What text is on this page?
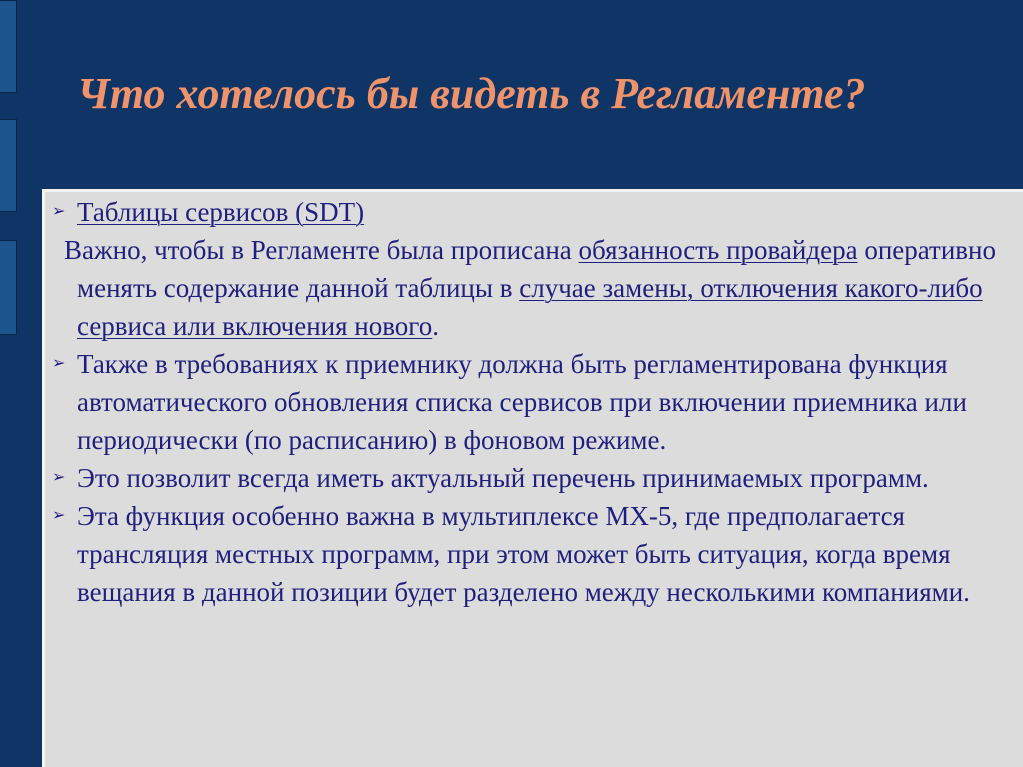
Что хотелось бы видеть в Регламенте?
➢ Таблицы сервисов (SDT)
Важно, чтобы в Регламенте была прописана обязанность провайдера оперативно менять содержание данной таблицы в случае замены, отключения какого-либо сервиса или включения нового.
➢ Также в требованиях к приемнику должна быть регламентирована функция автоматического обновления списка сервисов при включении приемника или периодически (по расписанию) в фоновом режиме.
➢ Это позволит всегда иметь актуальный перечень принимаемых программ.
➢ Эта функция особенно важна в мультиплексе MX-5, где предполагается трансляция местных программ, при этом может быть ситуация, когда время вещания в данной позиции будет разделено между несколькими компаниями.
